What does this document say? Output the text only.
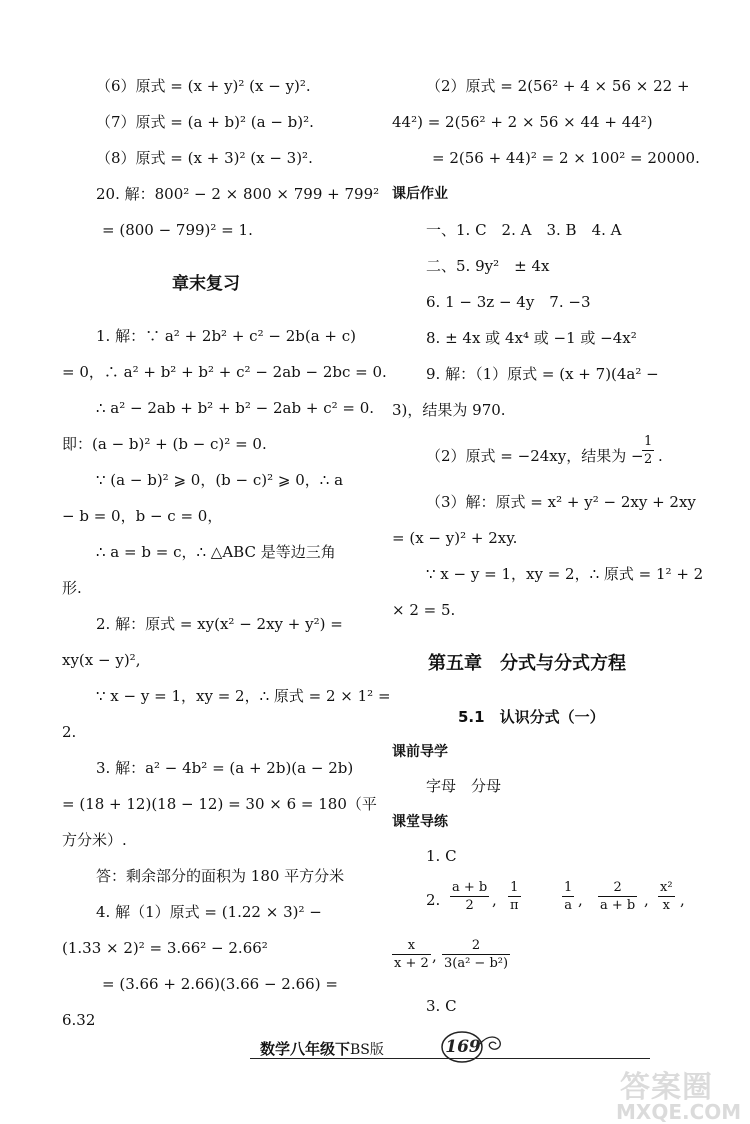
（6）原式 = (x + y)² (x − y)².
（7）原式 = (a + b)² (a − b)².
（8）原式 = (x + 3)² (x − 3)².
20. 解：800² − 2 × 800 × 799 + 799²
= (800 − 799)² = 1.
章末复习
1. 解：∵ a² + 2b² + c² − 2b(a + c)
= 0，∴ a² + b² + b² + c² − 2ab − 2bc = 0.
∴ a² − 2ab + b² + b² − 2ab + c² = 0.
即：(a − b)² + (b − c)² = 0.
∵ (a − b)² ⩾ 0，(b − c)² ⩾ 0，∴ a
− b = 0，b − c = 0，
∴ a = b = c，∴ △ABC 是等边三角
形.
2. 解：原式 = xy(x² − 2xy + y²) =
xy(x − y)²,
∵ x − y = 1，xy = 2，∴ 原式 = 2 × 1² =
2.
3. 解：a² − 4b² = (a + 2b)(a − 2b)
= (18 + 12)(18 − 12) = 30 × 6 = 180（平
方分米）.
答：剩余部分的面积为 180 平方分米
4. 解（1）原式 = (1.22 × 3)² −
(1.33 × 2)² = 3.66² − 2.66²
= (3.66 + 2.66)(3.66 − 2.66) =
6.32
（2）原式 = 2(56² + 4 × 56 × 22 +
44²) = 2(56² + 2 × 56 × 44 + 44²)
= 2(56 + 44)² = 2 × 100² = 20000.
课后作业
一、1. C　2. A　3. B　4. A
二、5. 9y²　± 4x
6. 1 − 3z − 4y　7. −3
8. ± 4x 或 4x⁴ 或 −1 或 −4x²
9. 解：（1）原式 = (x + 7)(4a² −
3)，结果为 970.
（2）原式 = −24xy，结果为 −
1
2 .
（3）解：原式 = x² + y² − 2xy + 2xy
= (x − y)² + 2xy.
∵ x − y = 1，xy = 2，∴ 原式 = 1² + 2
× 2 = 5.
第五章　分式与分式方程
5.1　认识分式（一）
课前导学
字母　分母
课堂导练
1. C
2.
a + b
2 ,
1
π
1
a ,
2
a + b ,
x²
x ,
x
x + 2 ,
2
3(a² − b²)
3. C
数学八年级下BS版	169
答案圈
MXQE.COM
